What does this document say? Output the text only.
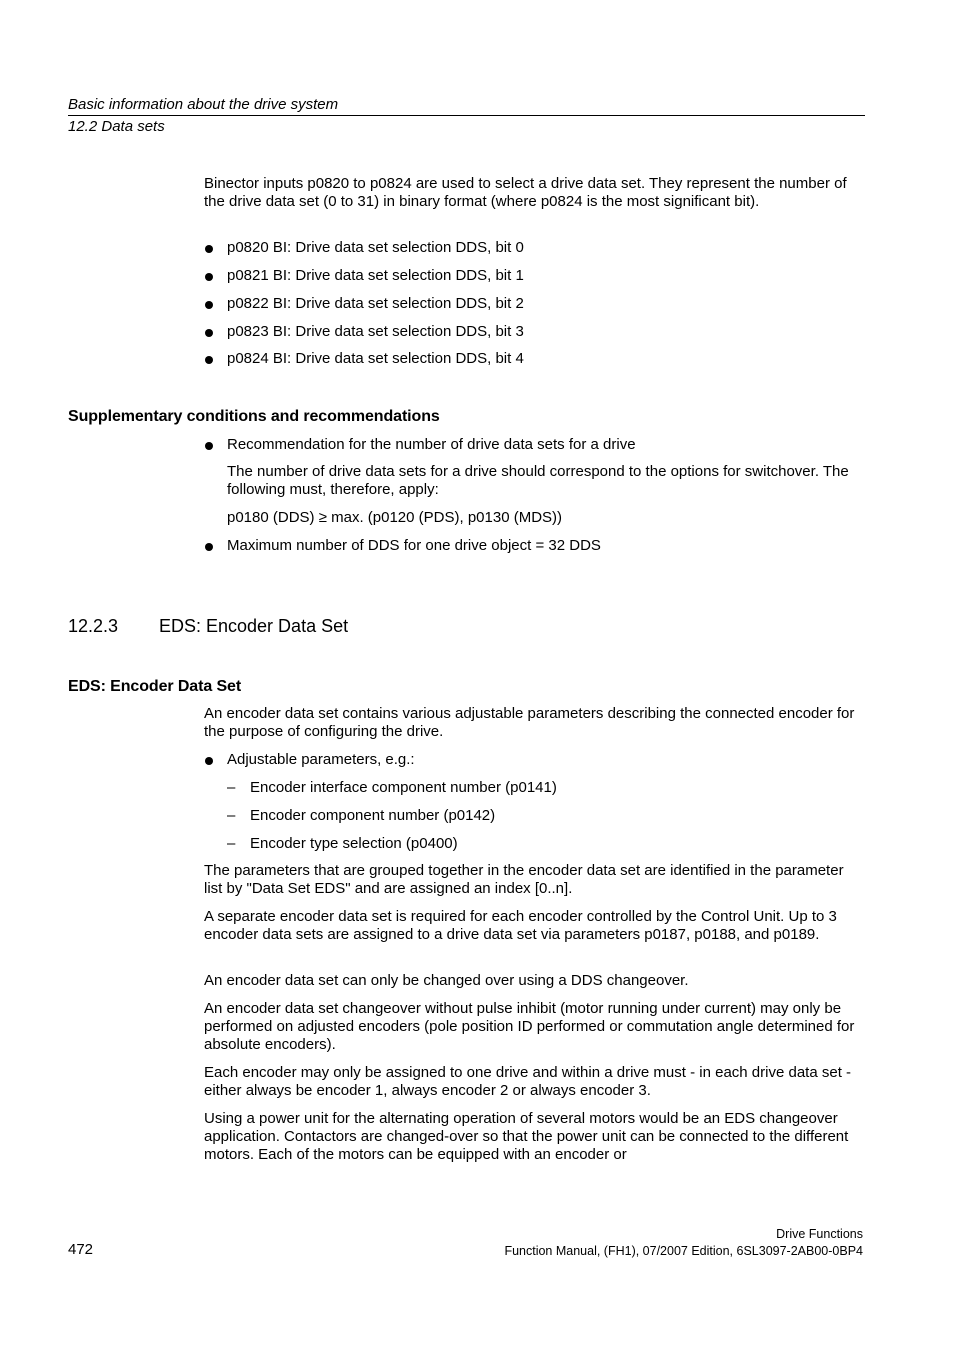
Basic information about the drive system
12.2 Data sets
Binector inputs p0820 to p0824 are used to select a drive data set. They represent the number of the drive data set (0 to 31) in binary format (where p0824 is the most significant bit).
p0820 BI: Drive data set selection DDS, bit 0
p0821 BI: Drive data set selection DDS, bit 1
p0822 BI: Drive data set selection DDS, bit 2
p0823 BI: Drive data set selection DDS, bit 3
p0824 BI: Drive data set selection DDS, bit 4
Supplementary conditions and recommendations
Recommendation for the number of drive data sets for a drive
The number of drive data sets for a drive should correspond to the options for switchover. The following must, therefore, apply:
p0180 (DDS) ≥ max. (p0120 (PDS), p0130 (MDS))
Maximum number of DDS for one drive object = 32 DDS
12.2.3 EDS: Encoder Data Set
EDS: Encoder Data Set
An encoder data set contains various adjustable parameters describing the connected encoder for the purpose of configuring the drive.
Adjustable parameters, e.g.:
– Encoder interface component number (p0141)
– Encoder component number (p0142)
– Encoder type selection (p0400)
The parameters that are grouped together in the encoder data set are identified in the parameter list by "Data Set EDS" and are assigned an index [0..n].
A separate encoder data set is required for each encoder controlled by the Control Unit. Up to 3 encoder data sets are assigned to a drive data set via parameters p0187, p0188, and p0189.
An encoder data set can only be changed over using a DDS changeover.
An encoder data set changeover without pulse inhibit (motor running under current) may only be performed on adjusted encoders (pole position ID performed or commutation angle determined for absolute encoders).
Each encoder may only be assigned to one drive and within a drive must - in each drive data set - either always be encoder 1, always encoder 2 or always encoder 3.
Using a power unit for the alternating operation of several motors would be an EDS changeover application. Contactors are changed-over so that the power unit can be connected to the different motors. Each of the motors can be equipped with an encoder or
472
Drive Functions
Function Manual, (FH1), 07/2007 Edition, 6SL3097-2AB00-0BP4
